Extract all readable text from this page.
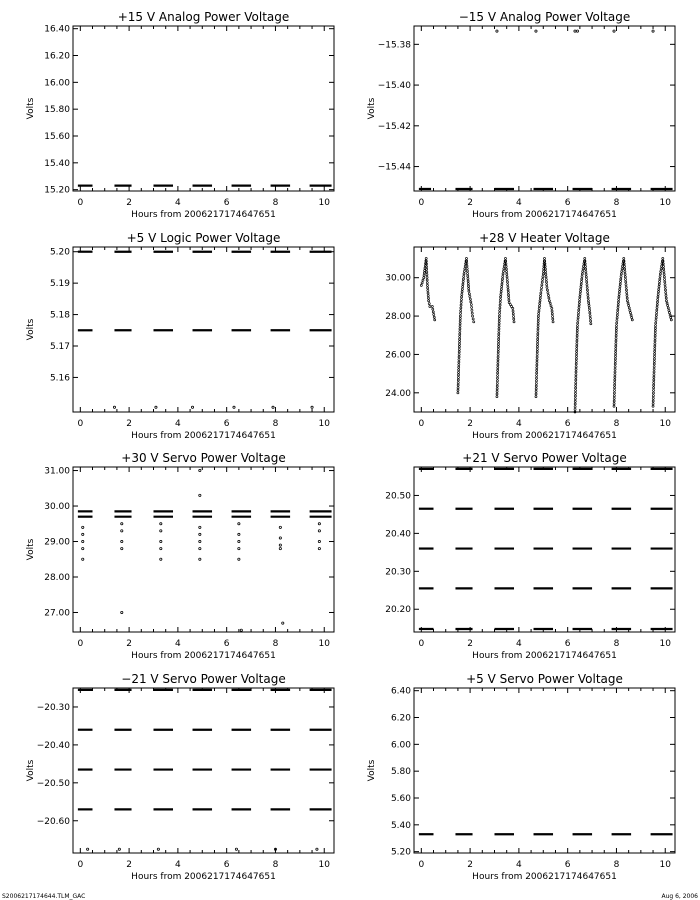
+15 V Analog Power Voltage
0	2	4	6	8	10
15.20
15.40
15.60
15.80
16.00
16.20
16.40
Hours from 2006217174647651
Volts
−15 V Analog Power Voltage
0	2	4	6	8	10
−15.44
−15.42
−15.40
−15.38
Hours from 2006217174647651
Volts
+5 V Logic Power Voltage
0	2	4	6	8	10
5.16
5.17
5.18
5.19
5.20
Hours from 2006217174647651
Volts
+28 V Heater Voltage
0	2	4	6	8	10
24.00
26.00
28.00
30.00
Hours from 2006217174647651
+30 V Servo Power Voltage
0	2	4	6	8	10
27.00
28.00
29.00
30.00
31.00
Hours from 2006217174647651
Volts
+21 V Servo Power Voltage
0	2	4	6	8	10
20.20
20.30
20.40
20.50
Hours from 2006217174647651
−21 V Servo Power Voltage
0	2	4	6	8	10
−20.60
−20.50
−20.40
−20.30
Hours from 2006217174647651
Volts
+5 V Servo Power Voltage
0	2	4	6	8	10
5.20
5.40
5.60
5.80
6.00
6.20
6.40
Hours from 2006217174647651
Volts
S2006217174644.TLM_GAC	Aug 6, 2006
